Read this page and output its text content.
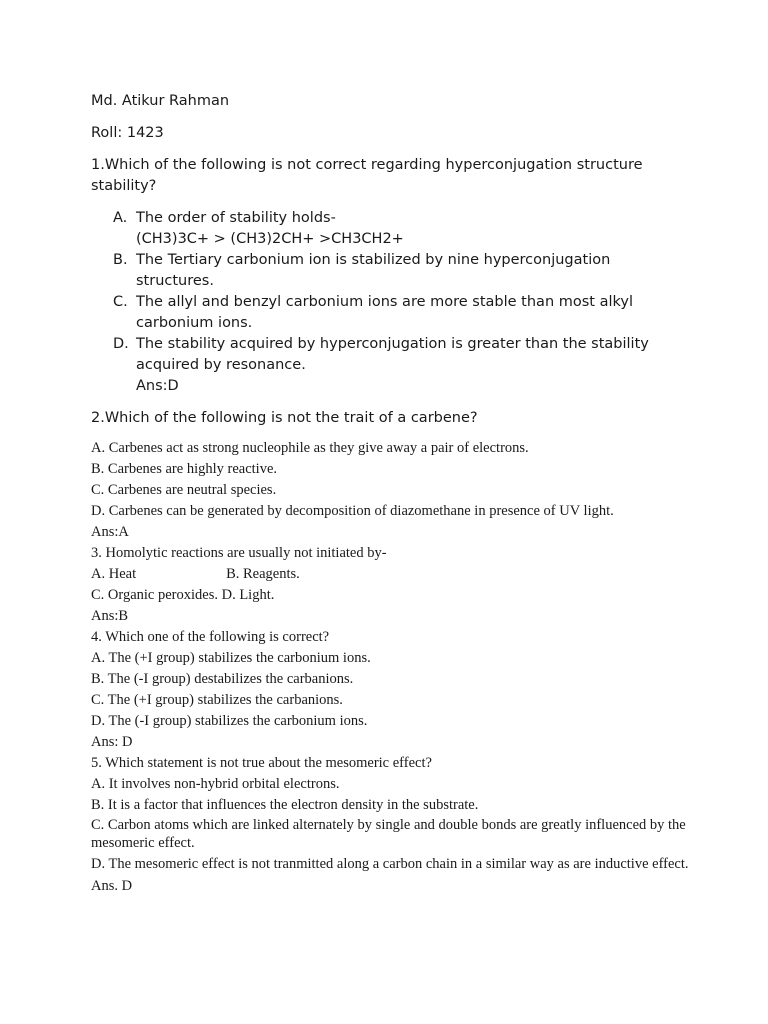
Md. Atikur Rahman

Roll: 1423

1.Which of the following is not correct regarding hyperconjugation structure stability?

A. The order of stability holds-
(CH3)3C+ > (CH3)2CH+ >CH3CH2+
B. The Tertiary carbonium ion is stabilized by nine hyperconjugation structures.
C. The allyl and benzyl carbonium ions are more stable than most alkyl carbonium ions.
D. The stability acquired by hyperconjugation is greater than the stability acquired by resonance.
Ans:D

2.Which of the following is not the trait of a carbene?

A. Carbenes act as strong nucleophile as they give away a pair of electrons.
B. Carbenes are highly reactive.
C. Carbenes are neutral species.
D. Carbenes can be generated by decomposition of diazomethane in presence of UV light.
Ans:A
3. Homolytic reactions are usually not initiated by-
A. Heat	B. Reagents.
C. Organic peroxides. D. Light.
Ans:B
4. Which one of the following is correct?
A. The (+I group) stabilizes the carbonium ions.
B. The (-I group) destabilizes the carbanions.
C. The (+I group) stabilizes the carbanions.
D. The (-I group) stabilizes the carbonium ions.
Ans: D
5. Which statement is not true about the mesomeric effect?
A. It involves non-hybrid orbital electrons.
B. It is a factor that influences the electron density in the substrate.
C. Carbon atoms which are linked alternately by single and double bonds are greatly influenced by the mesomeric effect.
D. The mesomeric effect is not tranmitted along a carbon chain in a similar way as are inductive effect.
Ans. D
